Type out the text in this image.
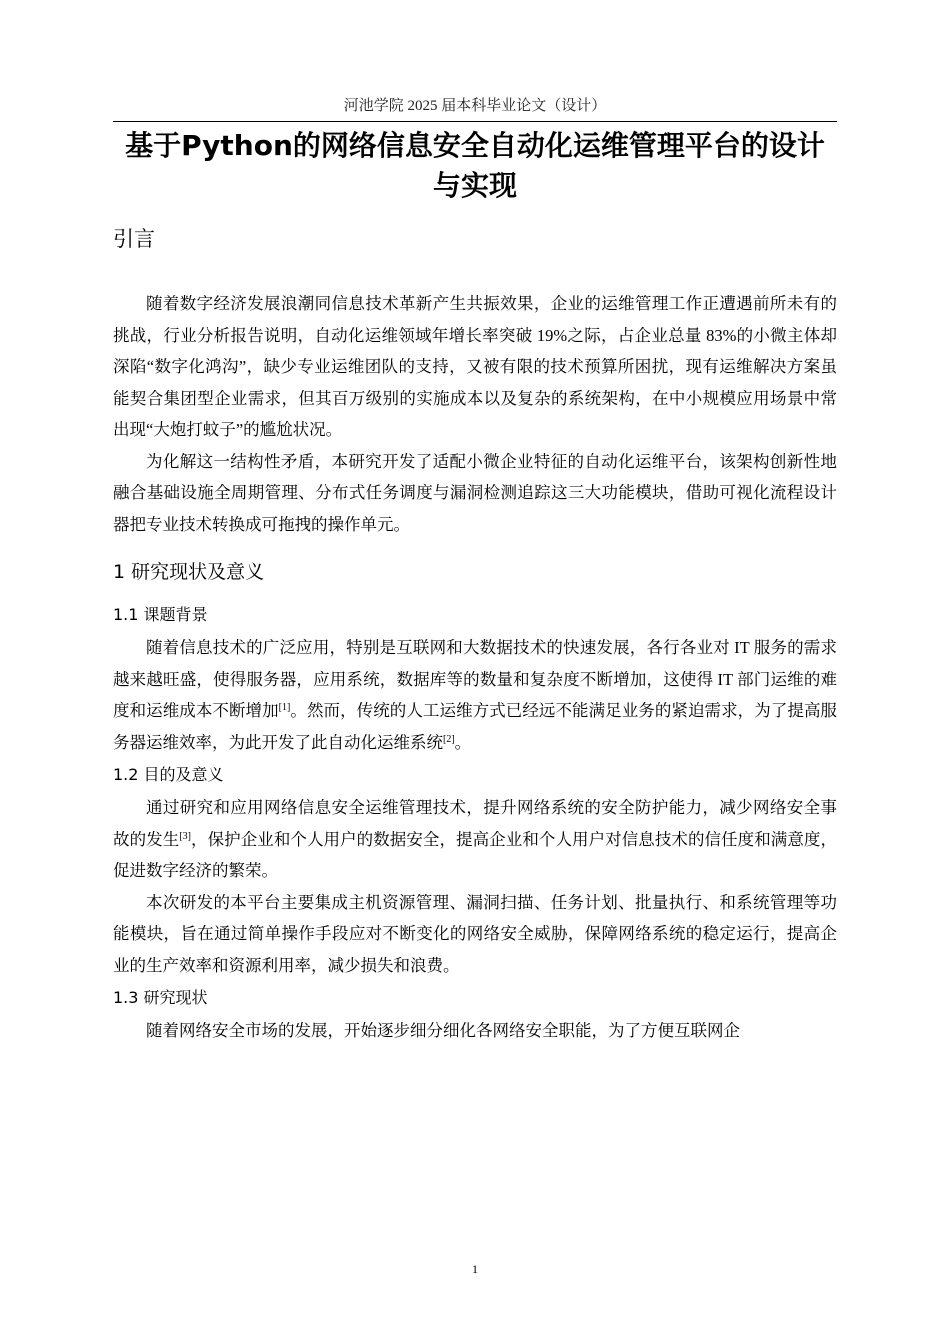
河池学院 2025 届本科毕业论文（设计）
基于Python的网络信息安全自动化运维管理平台的设计与实现
引言

随着数字经济发展浪潮同信息技术革新产生共振效果，企业的运维管理工作正遭遇前所未有的挑战，行业分析报告说明，自动化运维领域年增长率突破 19%之际，占企业总量 83%的小微主体却深陷“数字化鸿沟”，缺少专业运维团队的支持，又被有限的技术预算所困扰，现有运维解决方案虽能契合集团型企业需求，但其百万级别的实施成本以及复杂的系统架构，在中小规模应用场景中常出现“大炮打蚊子”的尴尬状况。

为化解这一结构性矛盾，本研究开发了适配小微企业特征的自动化运维平台，该架构创新性地融合基础设施全周期管理、分布式任务调度与漏洞检测追踪这三大功能模块，借助可视化流程设计器把专业技术转换成可拖拽的操作单元。

1 研究现状及意义
1.1 课题背景

随着信息技术的广泛应用，特别是互联网和大数据技术的快速发展，各行各业对 IT 服务的需求越来越旺盛，使得服务器，应用系统，数据库等的数量和复杂度不断增加，这使得 IT 部门运维的难度和运维成本不断增加[1]。然而，传统的人工运维方式已经远不能满足业务的紧迫需求，为了提高服务器运维效率，为此开发了此自动化运维系统[2]。

1.2 目的及意义

通过研究和应用网络信息安全运维管理技术，提升网络系统的安全防护能力，减少网络安全事故的发生[3]，保护企业和个人用户的数据安全，提高企业和个人用户对信息技术的信任度和满意度，促进数字经济的繁荣。

本次研发的本平台主要集成主机资源管理、漏洞扫描、任务计划、批量执行、和系统管理等功能模块，旨在通过简单操作手段应对不断变化的网络安全威胁，保障网络系统的稳定运行，提高企业的生产效率和资源利用率，减少损失和浪费。

1.3 研究现状

随着网络安全市场的发展，开始逐步细分细化各网络安全职能，为了方便互联网企

1
